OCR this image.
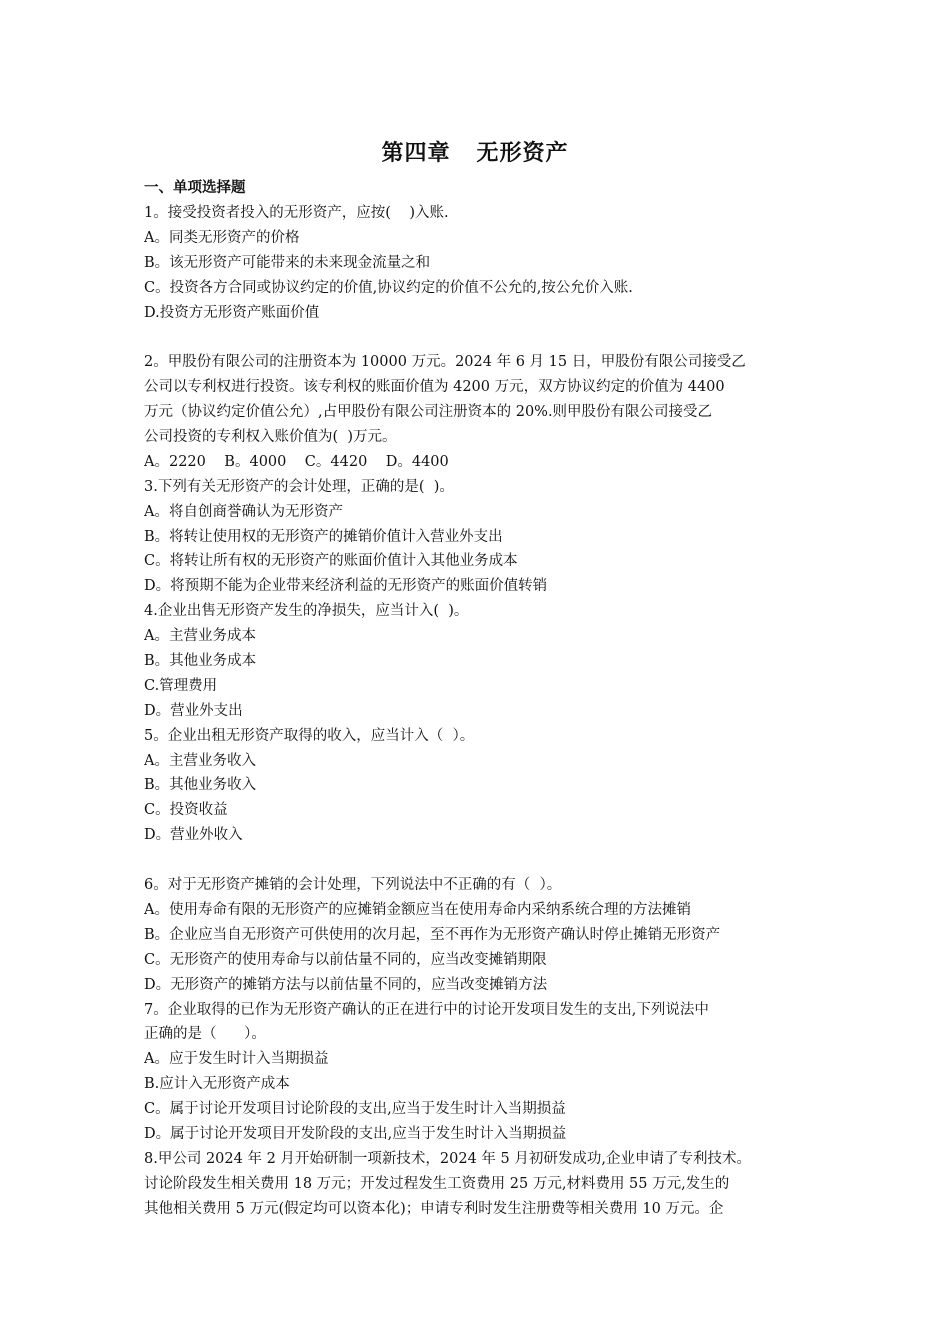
第四章   无形资产
一、单项选择题
1。接受投资者投入的无形资产，应按(    )入账.
A。同类无形资产的价格
B。该无形资产可能带来的未来现金流量之和
C。投资各方合同或协议约定的价值,协议约定的价值不公允的,按公允价入账.
D.投资方无形资产账面价值
2。甲股份有限公司的注册资本为 10000 万元。2024 年 6 月 15 日，甲股份有限公司接受乙
公司以专利权进行投资。该专利权的账面价值为 4200 万元，双方协议约定的价值为 4400
万元（协议约定价值公允）,占甲股份有限公司注册资本的 20%.则甲股份有限公司接受乙
公司投资的专利权入账价值为(  )万元。
A。2220    B。4000    C。4420    D。4400
3.下列有关无形资产的会计处理，正确的是(  )。
A。将自创商誉确认为无形资产
B。将转让使用权的无形资产的摊销价值计入营业外支出
C。将转让所有权的无形资产的账面价值计入其他业务成本
D。将预期不能为企业带来经济利益的无形资产的账面价值转销
4.企业出售无形资产发生的净损失，应当计入(  )。
A。主营业务成本
B。其他业务成本
C.管理费用
D。营业外支出
5。企业出租无形资产取得的收入，应当计入（  ）。
A。主营业务收入
B。其他业务收入
C。投资收益
D。营业外收入
6。对于无形资产摊销的会计处理，下列说法中不正确的有（  ）。
A。使用寿命有限的无形资产的应摊销金额应当在使用寿命内采纳系统合理的方法摊销
B。企业应当自无形资产可供使用的次月起，至不再作为无形资产确认时停止摊销无形资产
C。无形资产的使用寿命与以前估量不同的，应当改变摊销期限
D。无形资产的摊销方法与以前估量不同的，应当改变摊销方法
7。企业取得的已作为无形资产确认的正在进行中的讨论开发项目发生的支出,下列说法中
正确的是（      ）。
A。应于发生时计入当期损益
B.应计入无形资产成本
C。属于讨论开发项目讨论阶段的支出,应当于发生时计入当期损益
D。属于讨论开发项目开发阶段的支出,应当于发生时计入当期损益
8.甲公司 2024 年 2 月开始研制一项新技术，2024 年 5 月初研发成功,企业申请了专利技术。
讨论阶段发生相关费用 18 万元；开发过程发生工资费用 25 万元,材料费用 55 万元,发生的
其他相关费用 5 万元(假定均可以资本化)；申请专利时发生注册费等相关费用 10 万元。企
